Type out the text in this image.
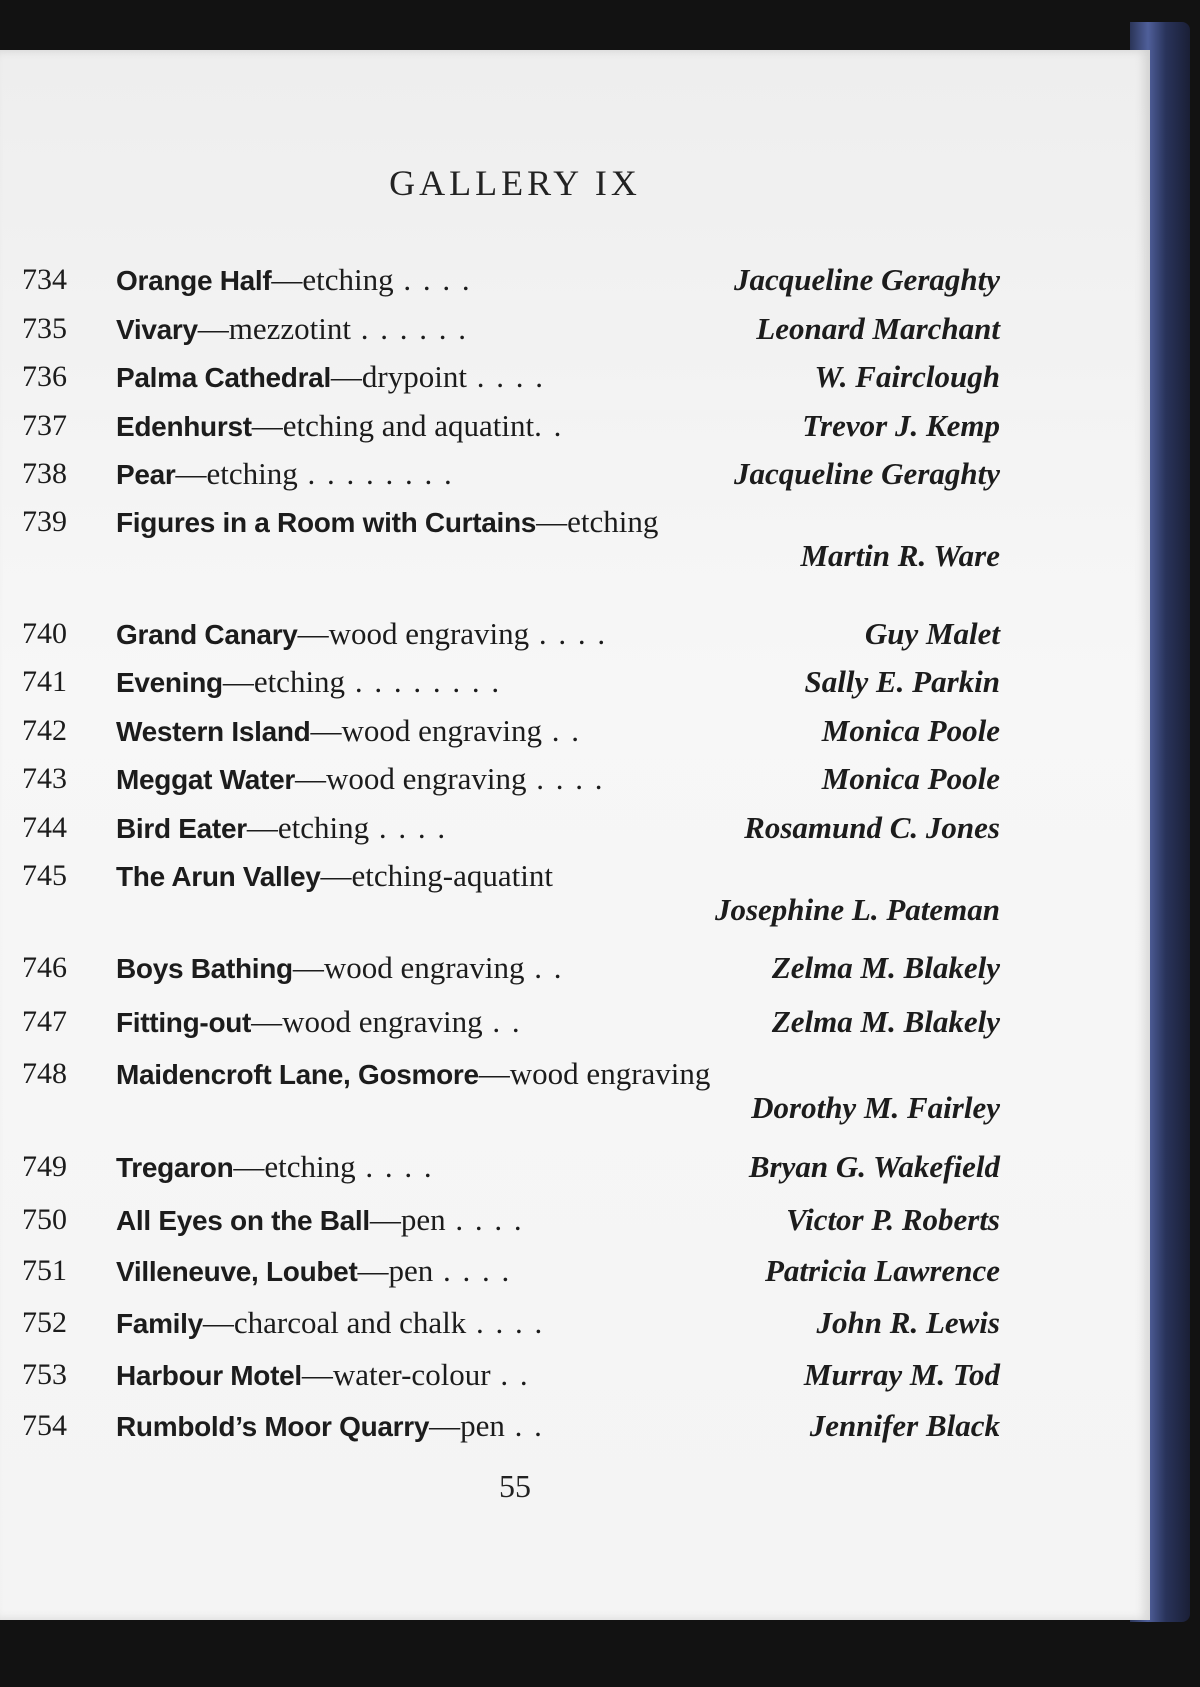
GALLERY IX
734 Orange Half—etching . . . .	Jacqueline Geraghty
735 Vivary—mezzotint . . . . . .	Leonard Marchant
736 Palma Cathedral—drypoint . . . .	W. Fairclough
737 Edenhurst—etching and aquatint. .	Trevor J. Kemp
738 Pear—etching . . . . . . . .	Jacqueline Geraghty
739 Figures in a Room with Curtains—etching
Martin R. Ware
740 Grand Canary—wood engraving . . . .	Guy Malet
741 Evening—etching . . . . . . . .	Sally E. Parkin
742 Western Island—wood engraving . .	Monica Poole
743 Meggat Water—wood engraving . . . .	Monica Poole
744 Bird Eater—etching . . . .	Rosamund C. Jones
745 The Arun Valley—etching-aquatint
Josephine L. Pateman
746 Boys Bathing—wood engraving . .	Zelma M. Blakely
747 Fitting-out—wood engraving . .	Zelma M. Blakely
748 Maidencroft Lane, Gosmore—wood engraving
Dorothy M. Fairley
749 Tregaron—etching . . . .	Bryan G. Wakefield
750 All Eyes on the Ball—pen . . . .	Victor P. Roberts
751 Villeneuve, Loubet—pen . . . .	Patricia Lawrence
752 Family—charcoal and chalk . . . .	John R. Lewis
753 Harbour Motel—water-colour . .	Murray M. Tod
754 Rumbold’s Moor Quarry—pen . .	Jennifer Black
55
